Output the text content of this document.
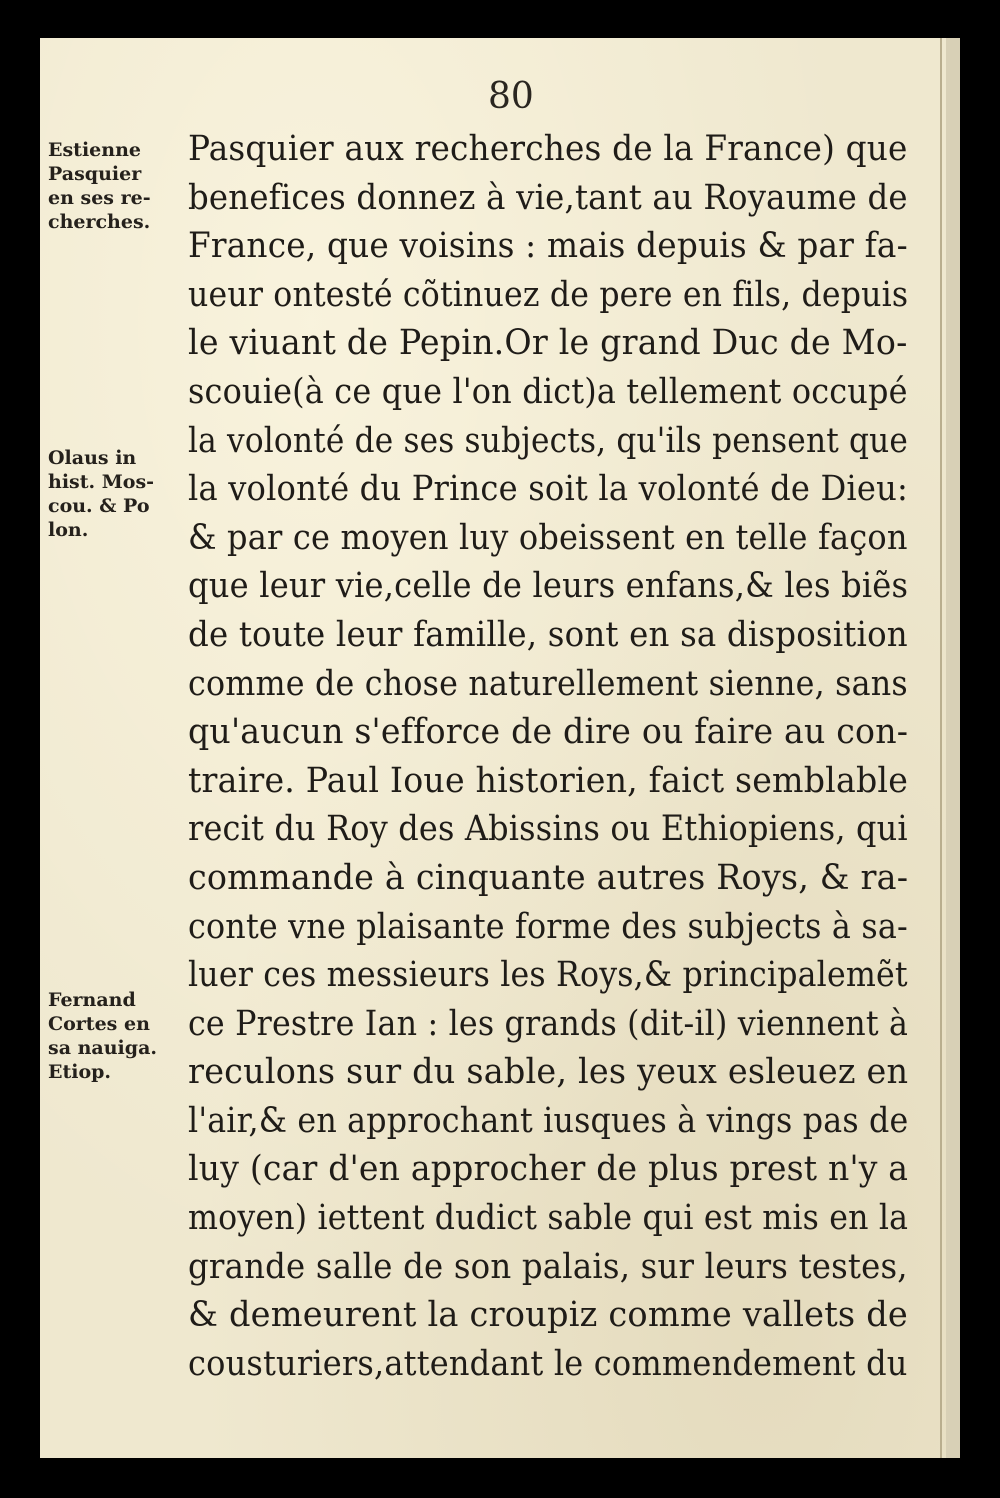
80
Estienne
Pasquier
en ses re-
cherches.
Olaus in
hist. Mos-
cou. & Po
lon.
Fernand
Cortes en
sa nauiga.
Etiop.
Pasquier aux recherches de la France) que
benefices donnez à vie,tant au Royaume de
France, que voisins : mais depuis & par fa-
ueur ontesté cõtinuez de pere en fils, depuis
le viuant de Pepin.Or le grand Duc de Mo-
scouie(à ce que l'on dict)a tellement occupé
la volonté de ses subjects, qu'ils pensent que
la volonté du Prince soit la volonté de Dieu:
& par ce moyen luy obeissent en telle façon
que leur vie,celle de leurs enfans,& les biẽs
de toute leur famille, sont en sa disposition
comme de chose naturellement sienne, sans
qu'aucun s'efforce de dire ou faire au con-
traire. Paul Ioue historien, faict semblable
recit du Roy des Abissins ou Ethiopiens, qui
commande à cinquante autres Roys, & ra-
conte vne plaisante forme des subjects à sa-
luer ces messieurs les Roys,& principalemẽt
ce Prestre Ian : les grands (dit-il) viennent à
reculons sur du sable, les yeux esleuez en
l'air,& en approchant iusques à vings pas de
luy (car d'en approcher de plus prest n'y a
moyen) iettent dudict sable qui est mis en la
grande salle de son palais, sur leurs testes,
& demeurent la croupiz comme vallets de
cousturiers,attendant le commendement du
